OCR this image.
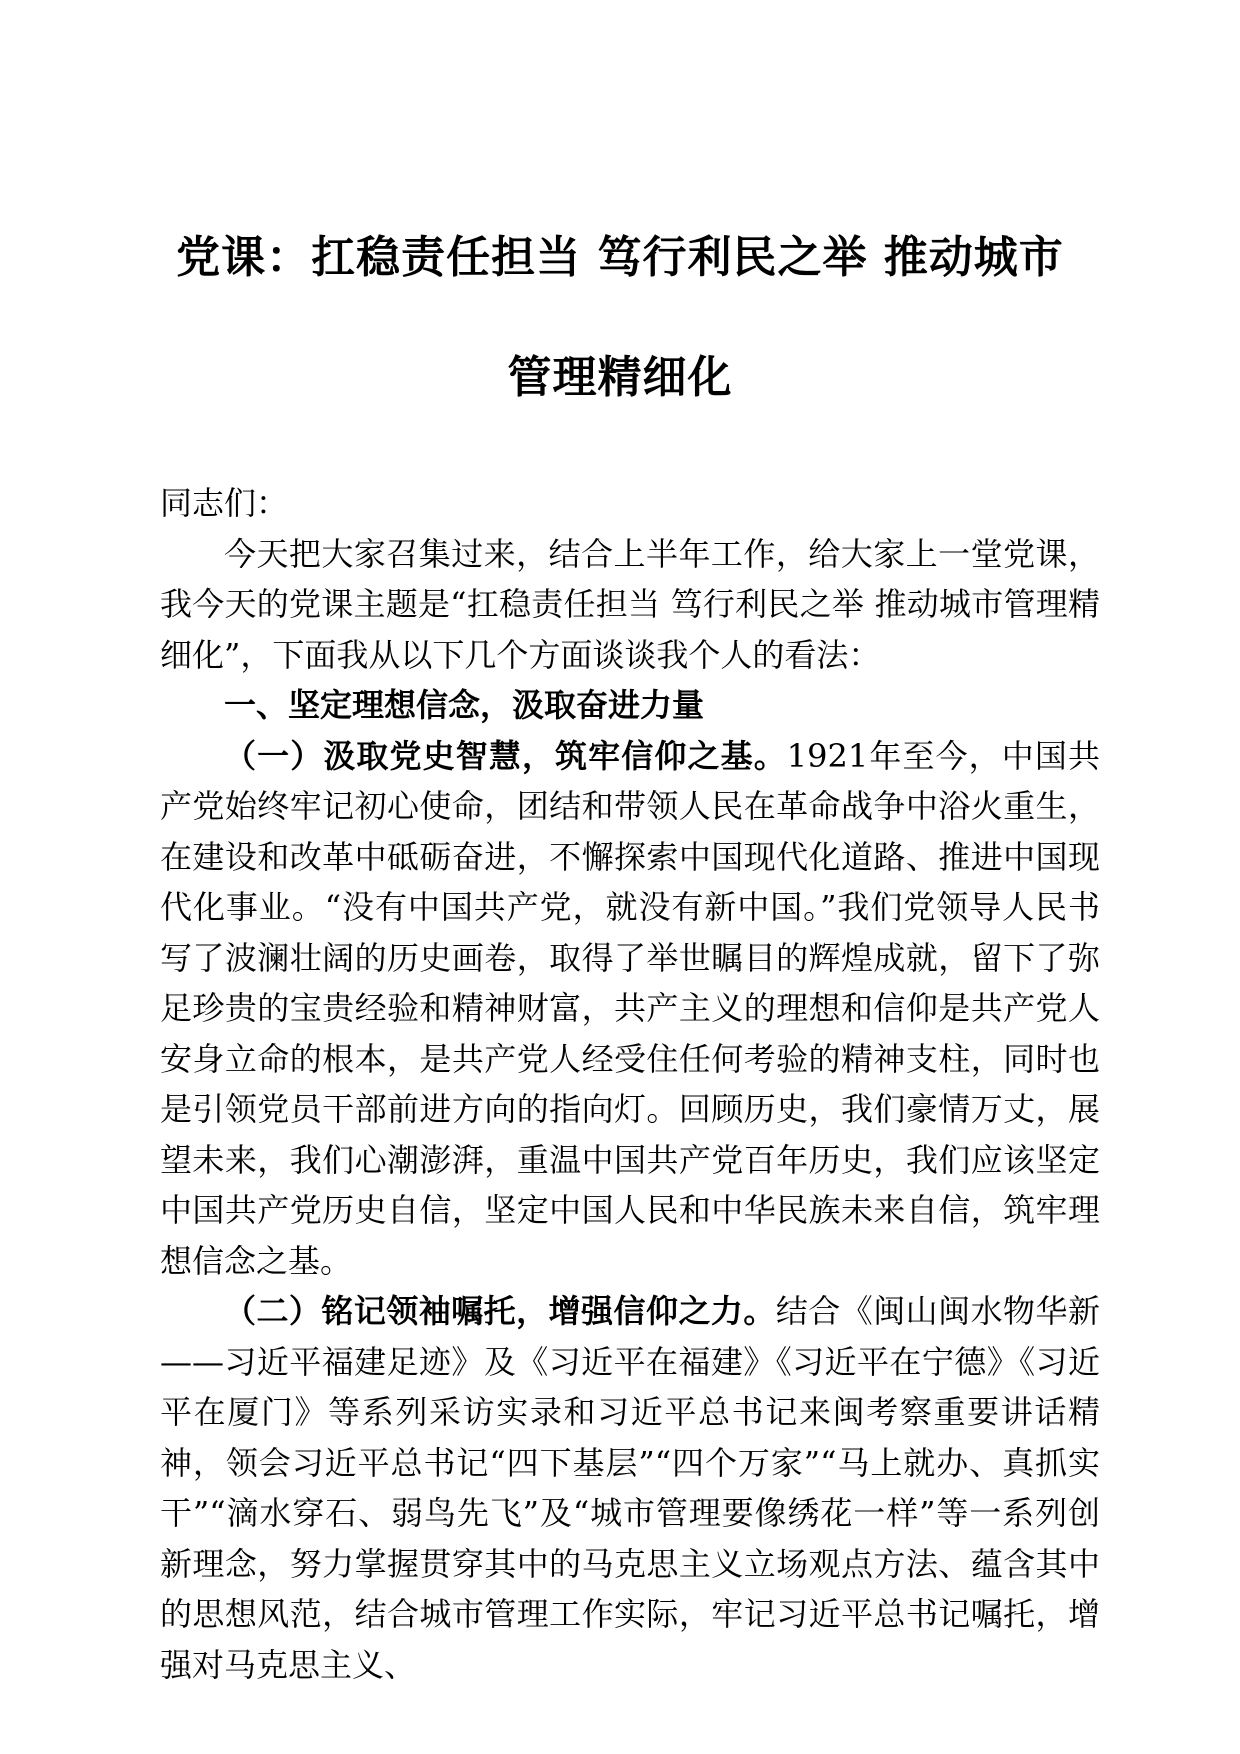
党课：扛稳责任担当 笃行利民之举 推动城市
管理精细化

同志们：

今天把大家召集过来，结合上半年工作，给大家上一堂党课，我今天的党课主题是“扛稳责任担当 笃行利民之举 推动城市管理精细化”，下面我从以下几个方面谈谈我个人的看法：

一、坚定理想信念，汲取奋进力量

（一）汲取党史智慧，筑牢信仰之基。1921年至今，中国共产党始终牢记初心使命，团结和带领人民在革命战争中浴火重生，在建设和改革中砥砺奋进，不懈探索中国现代化道路、推进中国现代化事业。“没有中国共产党，就没有新中国。”我们党领导人民书写了波澜壮阔的历史画卷，取得了举世瞩目的辉煌成就，留下了弥足珍贵的宝贵经验和精神财富，共产主义的理想和信仰是共产党人安身立命的根本，是共产党人经受住任何考验的精神支柱，同时也是引领党员干部前进方向的指向灯。回顾历史，我们豪情万丈，展望未来，我们心潮澎湃，重温中国共产党百年历史，我们应该坚定中国共产党历史自信，坚定中国人民和中华民族未来自信，筑牢理想信念之基。

（二）铭记领袖嘱托，增强信仰之力。结合《闽山闽水物华新——习近平福建足迹》及《习近平在福建》《习近平在宁德》《习近平在厦门》等系列采访实录和习近平总书记来闽考察重要讲话精神，领会习近平总书记“四下基层”“四个万家”“马上就办、真抓实干”“滴水穿石、弱鸟先飞”及“城市管理要像绣花一样”等一系列创新理念，努力掌握贯穿其中的马克思主义立场观点方法、蕴含其中的思想风范，结合城市管理工作实际，牢记习近平总书记嘱托，增强对马克思主义、
